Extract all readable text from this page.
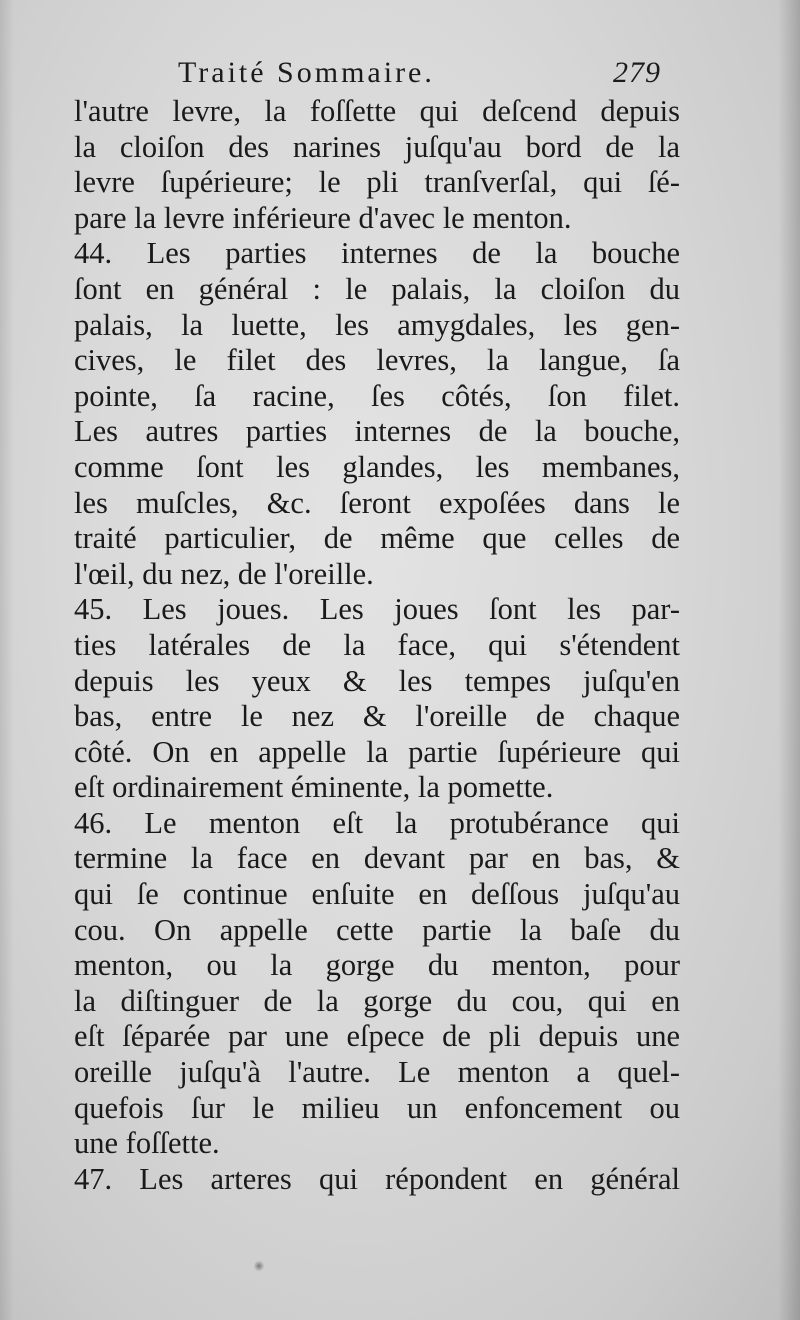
Traité Sommaire.	279
l'autre levre, la foſſette qui deſcend depuis
la cloiſon des narines juſqu'au bord de la
levre ſupérieure; le pli tranſverſal, qui ſé-
pare la levre inférieure d'avec le menton.
44. Les parties internes de la bouche
ſont en général : le palais, la cloiſon du
palais, la luette, les amygdales, les gen-
cives, le filet des levres, la langue, ſa
pointe, ſa racine, ſes côtés, ſon filet.
Les autres parties internes de la bouche,
comme ſont les glandes, les membanes,
les muſcles, &c. ſeront expoſées dans le
traité particulier, de même que celles de
l'œil, du nez, de l'oreille.
45. Les joues. Les joues ſont les par-
ties latérales de la face, qui s'étendent
depuis les yeux & les tempes juſqu'en
bas, entre le nez & l'oreille de chaque
côté. On en appelle la partie ſupérieure qui
eſt ordinairement éminente, la pomette.
46. Le menton eſt la protubérance qui
termine la face en devant par en bas, &
qui ſe continue enſuite en deſſous juſqu'au
cou. On appelle cette partie la baſe du
menton, ou la gorge du menton, pour
la diſtinguer de la gorge du cou, qui en
eſt ſéparée par une eſpece de pli depuis une
oreille juſqu'à l'autre. Le menton a quel-
quefois ſur le milieu un enfoncement ou
une foſſette.
47. Les arteres qui répondent en général
